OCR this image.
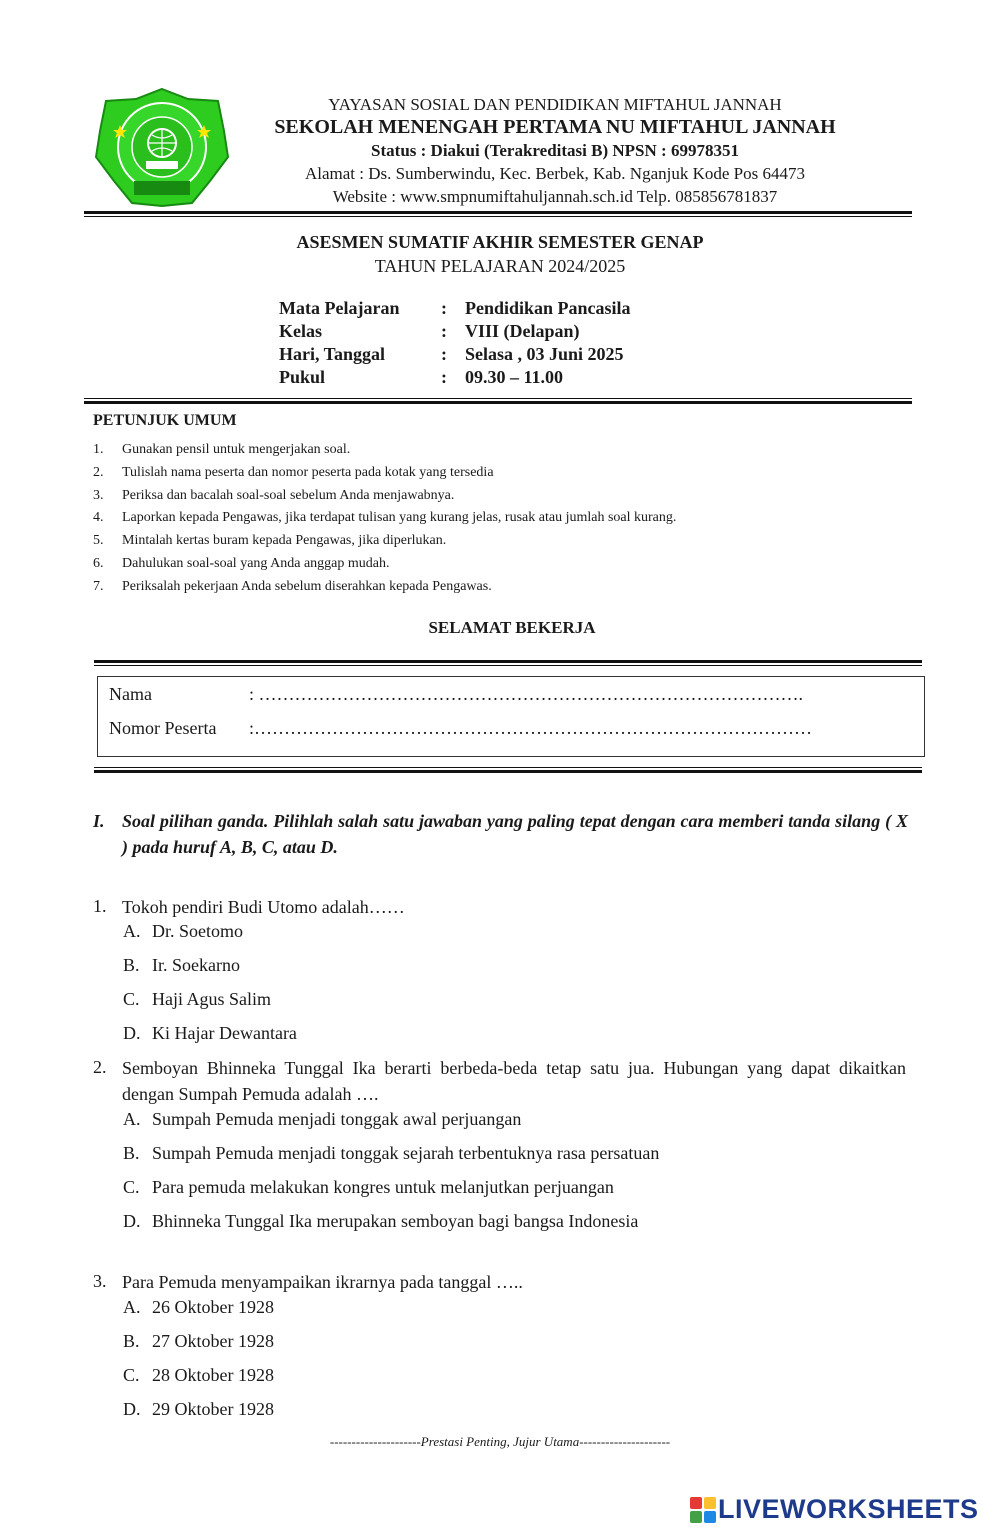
YAYASAN SOSIAL DAN PENDIDIKAN MIFTAHUL JANNAH
SEKOLAH MENENGAH PERTAMA NU MIFTAHUL JANNAH
Status : Diakui (Terakreditasi B) NPSN : 69978351
Alamat : Ds. Sumberwindu, Kec. Berbek, Kab. Nganjuk Kode Pos 64473
Website : www.smpnumiftahuljannah.sch.id Telp. 085856781837
ASESMEN SUMATIF AKHIR SEMESTER GENAP
TAHUN PELAJARAN 2024/2025
Mata Pelajaran	:	Pendidikan Pancasila
Kelas	:	VIII (Delapan)
Hari, Tanggal	:	Selasa , 03 Juni 2025
Pukul	:	09.30 – 11.00
PETUNJUK UMUM
1.	Gunakan pensil untuk mengerjakan soal.
2.	Tulislah nama peserta dan nomor peserta pada kotak yang tersedia
3.	Periksa dan bacalah soal-soal sebelum Anda menjawabnya.
4.	Laporkan kepada Pengawas, jika terdapat tulisan yang kurang jelas, rusak atau jumlah soal kurang.
5.	Mintalah kertas buram kepada Pengawas, jika diperlukan.
6.	Dahulukan soal-soal yang Anda anggap mudah.
7.	Periksalah pekerjaan Anda sebelum diserahkan kepada Pengawas.
SELAMAT BEKERJA
Nama	: ……………………………………………………………………………….
Nomor Peserta	:…………………………………………………………………………………
I. Soal pilihan ganda. Pilihlah salah satu jawaban yang paling tepat dengan cara memberi tanda silang ( X ) pada huruf A, B, C, atau D.
1. Tokoh pendiri Budi Utomo adalah……
A. Dr. Soetomo
B. Ir. Soekarno
C. Haji Agus Salim
D. Ki Hajar Dewantara
2. Semboyan Bhinneka Tunggal Ika berarti berbeda-beda tetap satu jua. Hubungan yang dapat dikaitkan dengan Sumpah Pemuda adalah ….
A. Sumpah Pemuda menjadi tonggak awal perjuangan
B. Sumpah Pemuda menjadi tonggak sejarah terbentuknya rasa persatuan
C. Para pemuda melakukan kongres untuk melanjutkan perjuangan
D. Bhinneka Tunggal Ika merupakan semboyan bagi bangsa Indonesia
3. Para Pemuda menyampaikan ikrarnya pada tanggal …..
A. 26 Oktober 1928
B. 27 Oktober 1928
C. 28 Oktober 1928
D. 29 Oktober 1928
---------------------Prestasi Penting, Jujur Utama---------------------
LIVEWORKSHEETS
